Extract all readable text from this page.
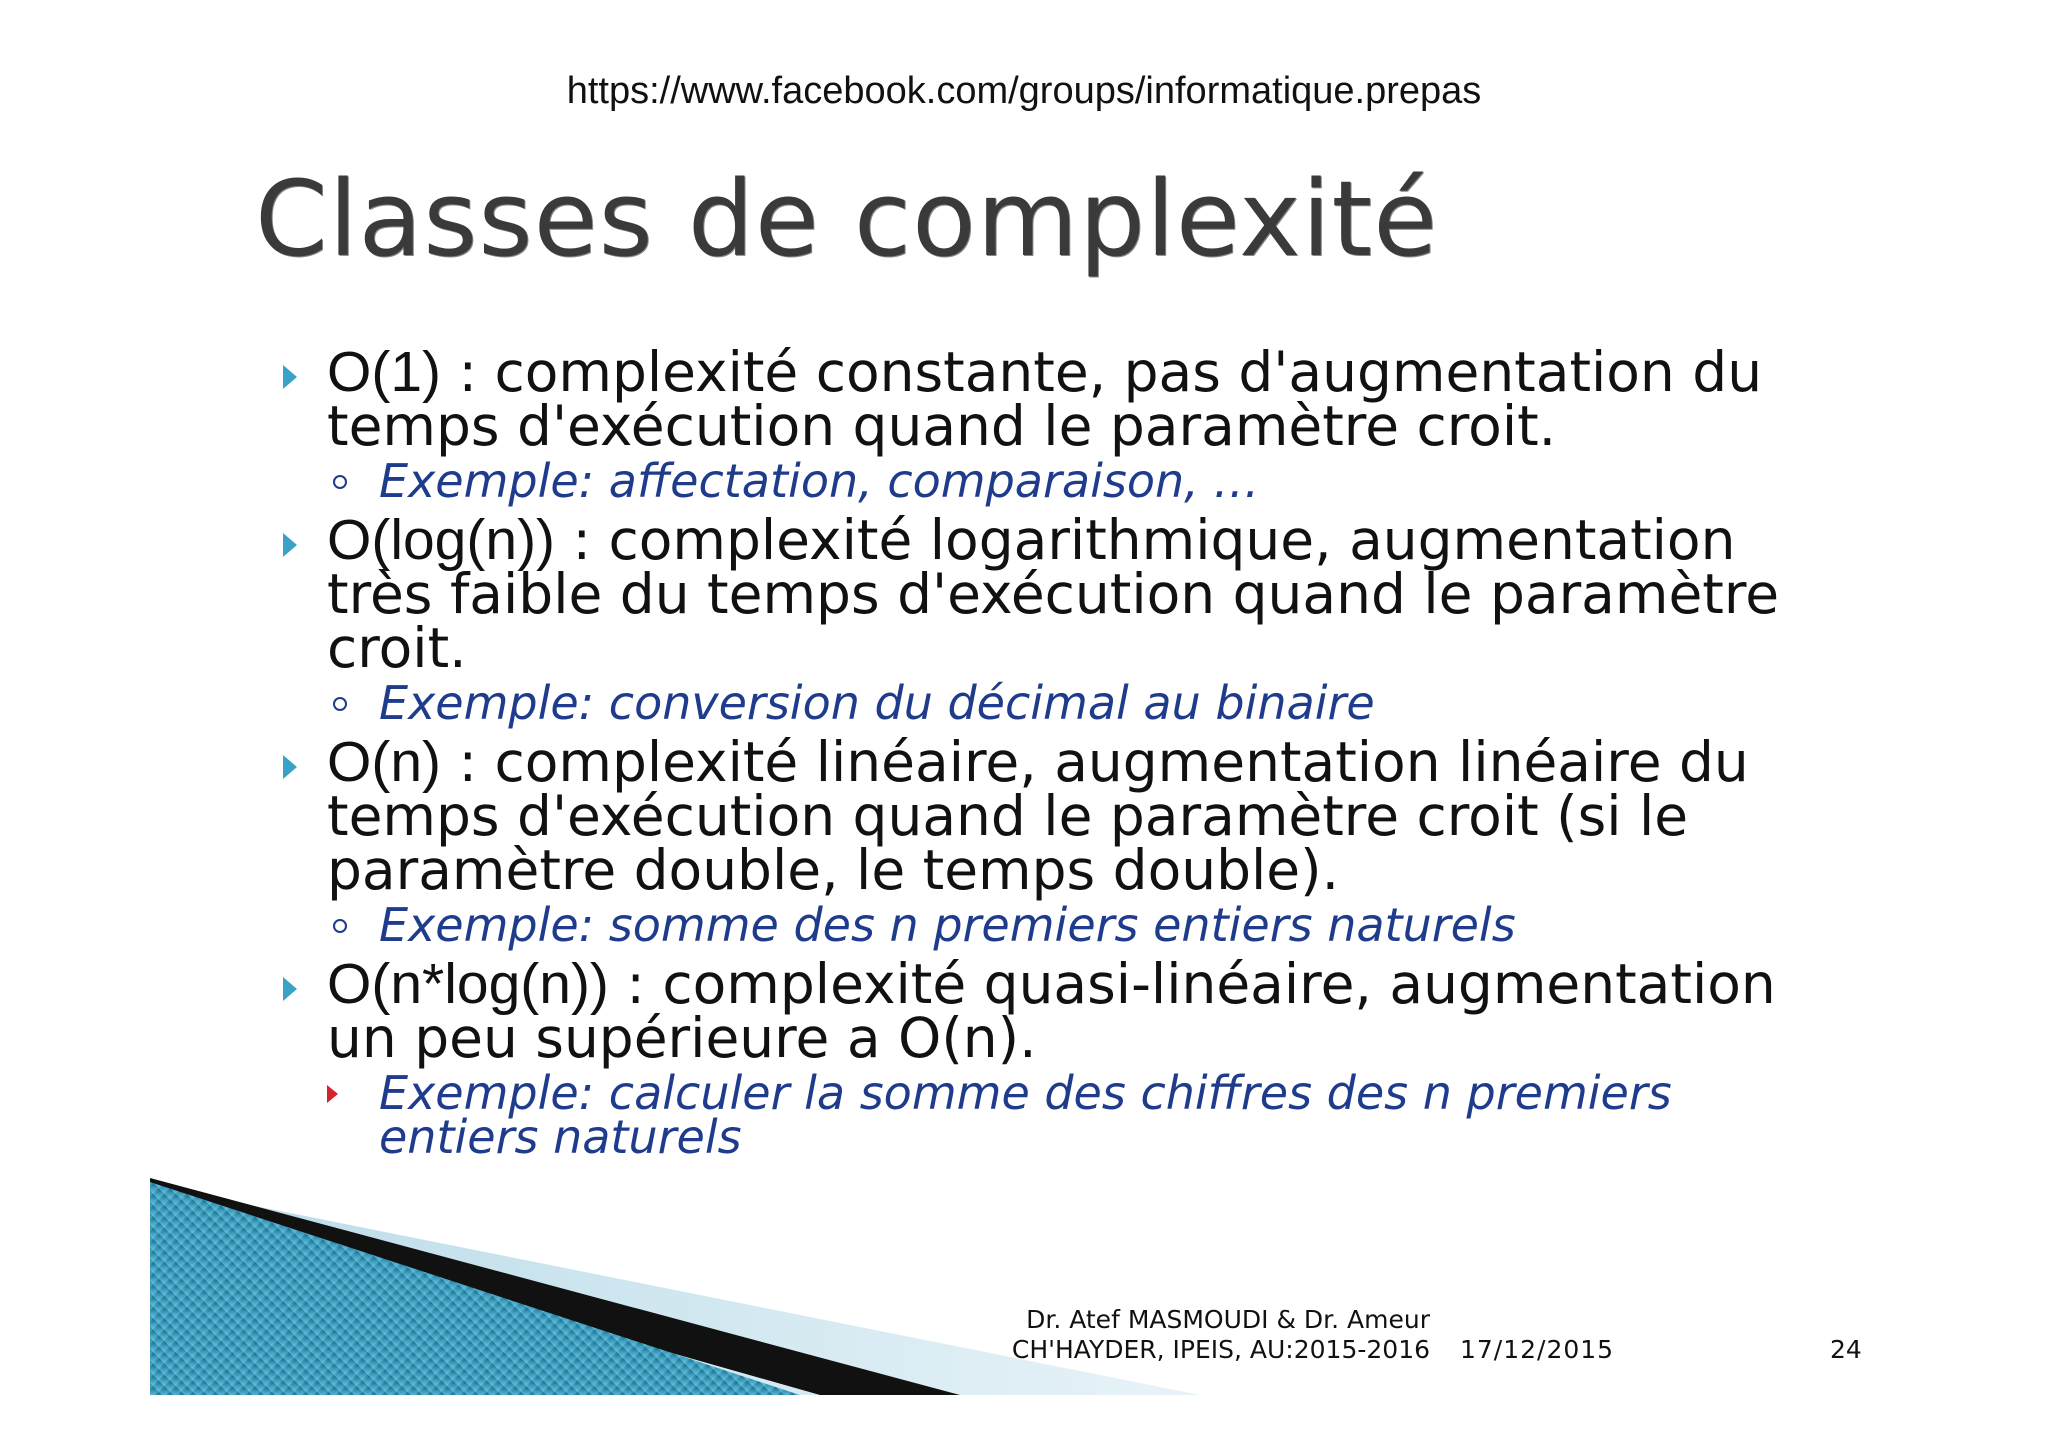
https://www.facebook.com/groups/informatique.prepas
Classes de complexité
O(1) : complexité constante, pas d'augmentation du temps d'exécution quand le paramètre croit.
Exemple: affectation, comparaison, …
O(log(n)) : complexité logarithmique, augmentation très faible du temps d'exécution quand le paramètre croit.
Exemple: conversion du décimal au binaire
O(n) : complexité linéaire, augmentation linéaire du temps d'exécution quand le paramètre croit (si le paramètre double, le temps double).
Exemple: somme des n premiers entiers naturels
O(n*log(n)) : complexité quasi-linéaire, augmentation un peu supérieure a O(n).
Exemple: calculer la somme des chiffres des n premiers entiers naturels
Dr. Atef MASMOUDI & Dr. Ameur
CH'HAYDER, IPEIS, AU:2015-2016 17/12/2015	24
